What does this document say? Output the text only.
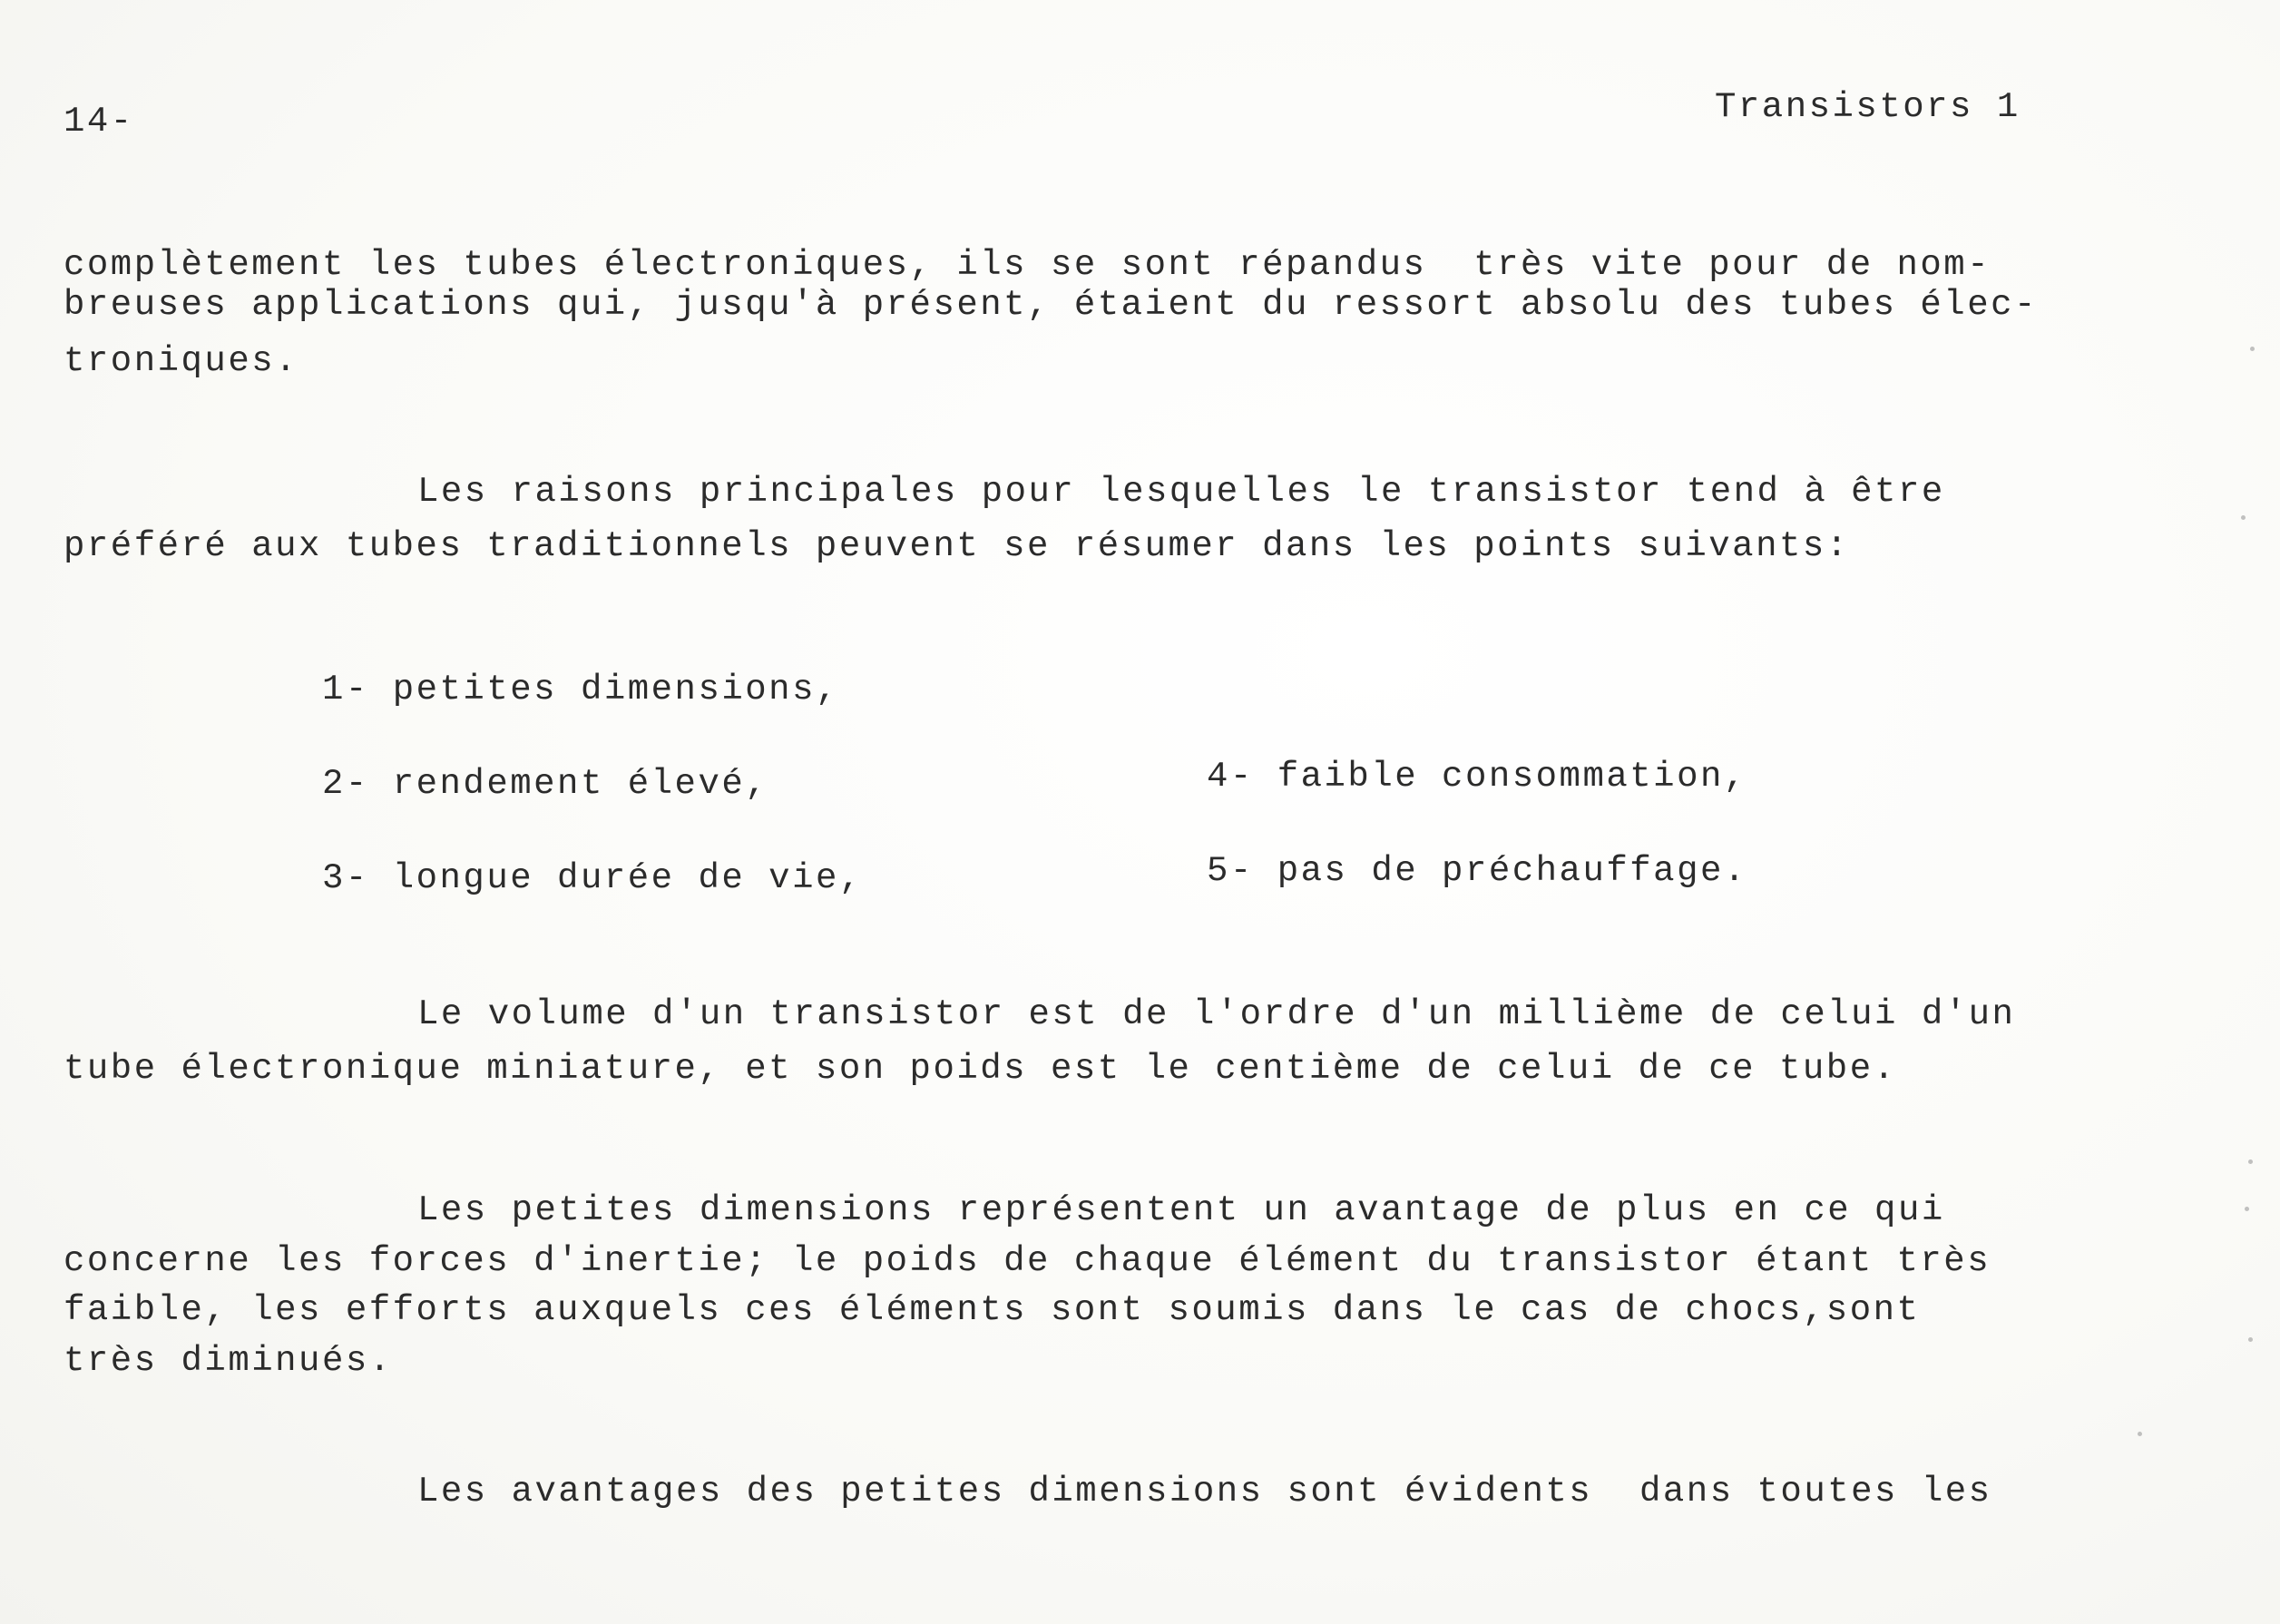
14-	Transistors 1
complètement les tubes électroniques, ils se sont répandus  très vite pour de nom-
breuses applications qui, jusqu'à présent, étaient du ressort absolu des tubes élec-
troniques.
Les raisons principales pour lesquelles le transistor tend à être
préféré aux tubes traditionnels peuvent se résumer dans les points suivants:
1- petites dimensions,
2- rendement élevé,	4- faible consommation,
3- longue durée de vie,	5- pas de préchauffage.
Le volume d'un transistor est de l'ordre d'un millième de celui d'un
tube électronique miniature, et son poids est le centième de celui de ce tube.
Les petites dimensions représentent un avantage de plus en ce qui
concerne les forces d'inertie; le poids de chaque élément du transistor étant très
faible, les efforts auxquels ces éléments sont soumis dans le cas de chocs,sont
très diminués.
Les avantages des petites dimensions sont évidents  dans toutes les
